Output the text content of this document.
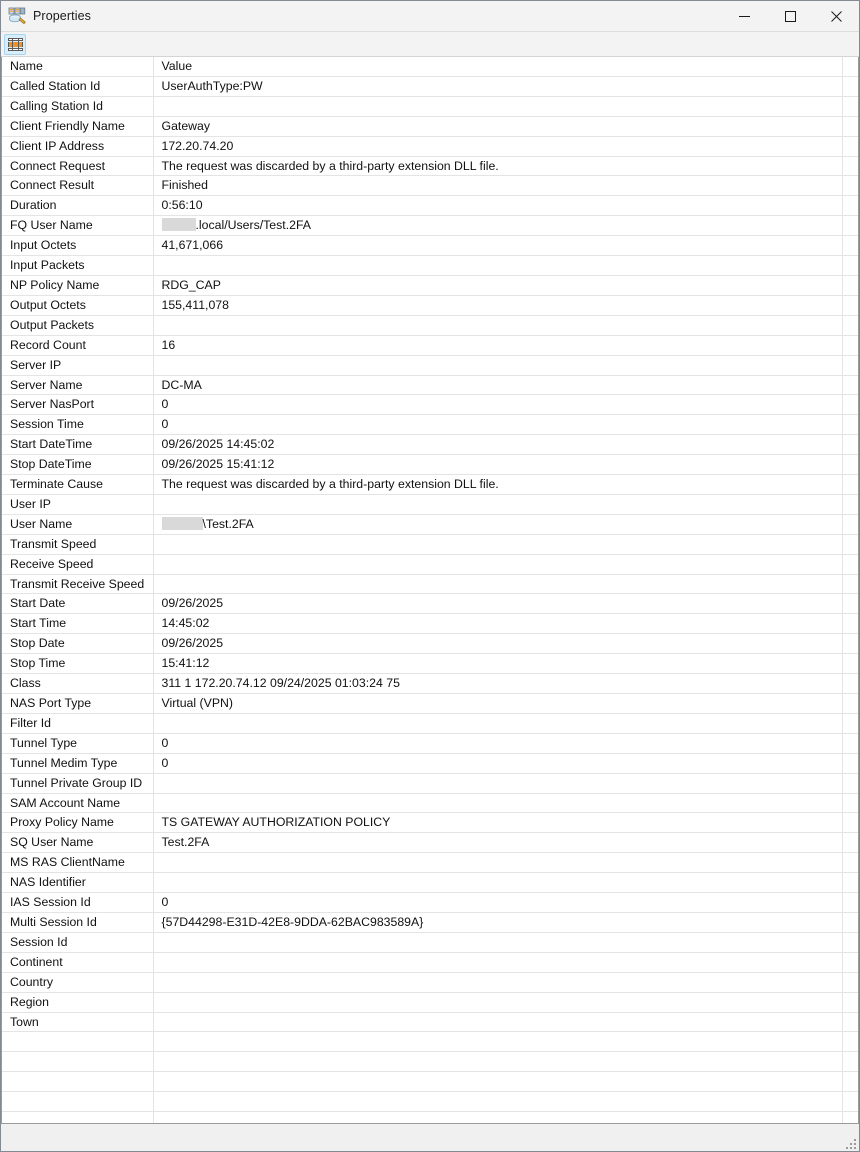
Properties
Name	Value	
Called Station Id	UserAuthType:PW	
Calling Station Id		
Client Friendly Name	Gateway	
Client IP Address	172.20.74.20	
Connect Request	The request was discarded by a third-party extension DLL file.	
Connect Result	Finished	
Duration	0:56:10	
FQ User Name	.local/Users/Test.2FA	
Input Octets	41,671,066	
Input Packets		
NP Policy Name	RDG_CAP	
Output Octets	155,411,078	
Output Packets		
Record Count	16	
Server IP		
Server Name	DC-MA	
Server NasPort	0	
Session Time	0	
Start DateTime	09/26/2025 14:45:02	
Stop DateTime	09/26/2025 15:41:12	
Terminate Cause	The request was discarded by a third-party extension DLL file.	
User IP		
User Name	\Test.2FA	
Transmit Speed		
Receive Speed		
Transmit Receive Speed		
Start Date	09/26/2025	
Start Time	14:45:02	
Stop Date	09/26/2025	
Stop Time	15:41:12	
Class	311 1 172.20.74.12 09/24/2025 01:03:24 75	
NAS Port Type	Virtual (VPN)	
Filter Id		
Tunnel Type	0	
Tunnel Medim Type	0	
Tunnel Private Group ID		
SAM Account Name		
Proxy Policy Name	TS GATEWAY AUTHORIZATION POLICY	
SQ User Name	Test.2FA	
MS RAS ClientName		
NAS Identifier		
IAS Session Id	0	
Multi Session Id	{57D44298-E31D-42E8-9DDA-62BAC983589A}	
Session Id		
Continent		
Country		
Region		
Town		
